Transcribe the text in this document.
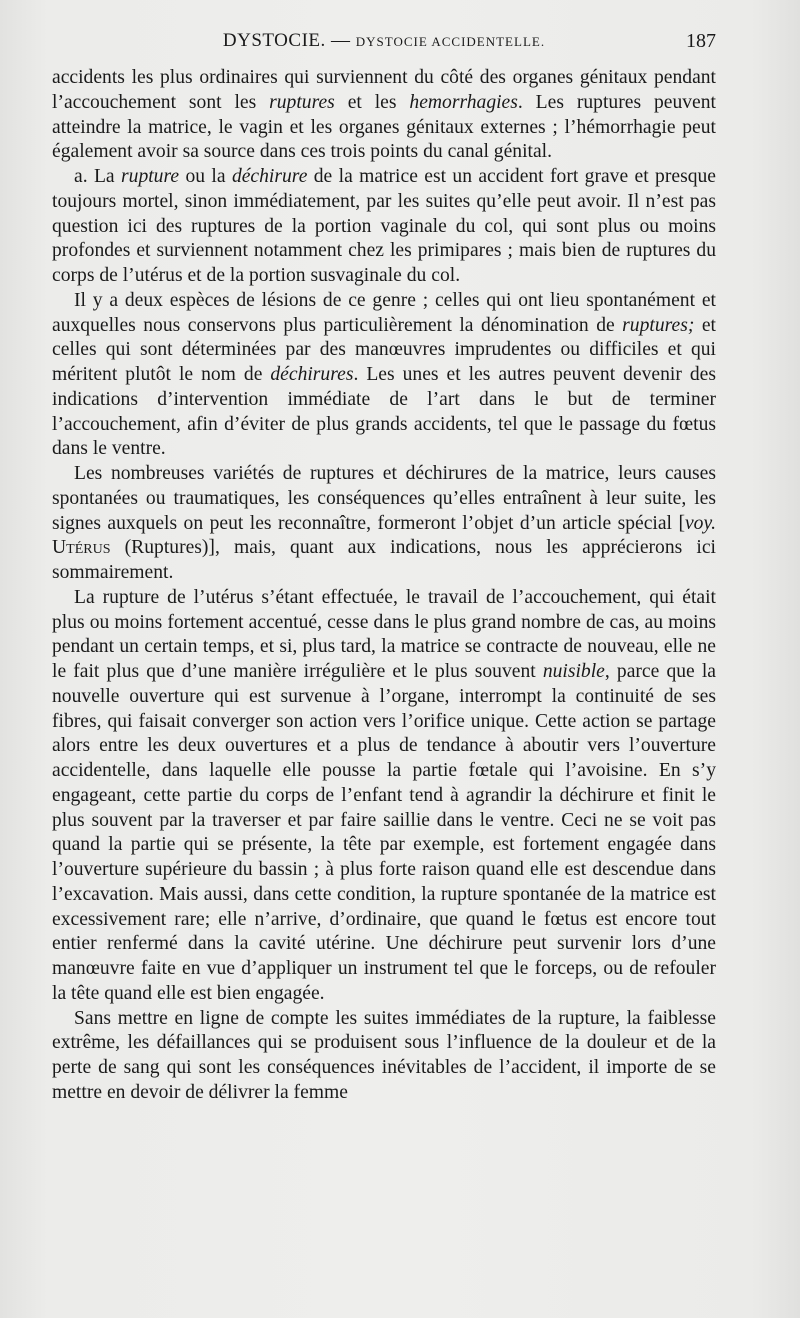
DYSTOCIE. — DYSTOCIE ACCIDENTELLE.	187

accidents les plus ordinaires qui surviennent du côté des organes génitaux pendant l’accouchement sont les ruptures et les hemorrhagies. Les ruptures peuvent atteindre la matrice, le vagin et les organes génitaux externes ; l’hémorrhagie peut également avoir sa source dans ces trois points du canal génital.

a. La rupture ou la déchirure de la matrice est un accident fort grave et presque toujours mortel, sinon immédiatement, par les suites qu’elle peut avoir. Il n’est pas question ici des ruptures de la portion vaginale du col, qui sont plus ou moins profondes et surviennent notamment chez les primipares ; mais bien de ruptures du corps de l’utérus et de la portion susvaginale du col.

Il y a deux espèces de lésions de ce genre ; celles qui ont lieu spontanément et auxquelles nous conservons plus particulièrement la dénomination de ruptures; et celles qui sont déterminées par des manœuvres imprudentes ou difficiles et qui méritent plutôt le nom de déchirures. Les unes et les autres peuvent devenir des indications d’intervention immédiate de l’art dans le but de terminer l’accouchement, afin d’éviter de plus grands accidents, tel que le passage du fœtus dans le ventre.

Les nombreuses variétés de ruptures et déchirures de la matrice, leurs causes spontanées ou traumatiques, les conséquences qu’elles entraînent à leur suite, les signes auxquels on peut les reconnaître, formeront l’objet d’un article spécial [voy. Utérus (Ruptures)], mais, quant aux indications, nous les apprécierons ici sommairement.

La rupture de l’utérus s’étant effectuée, le travail de l’accouchement, qui était plus ou moins fortement accentué, cesse dans le plus grand nombre de cas, au moins pendant un certain temps, et si, plus tard, la matrice se contracte de nouveau, elle ne le fait plus que d’une manière irrégulière et le plus souvent nuisible, parce que la nouvelle ouverture qui est survenue à l’organe, interrompt la continuité de ses fibres, qui faisait converger son action vers l’orifice unique. Cette action se partage alors entre les deux ouvertures et a plus de tendance à aboutir vers l’ouverture accidentelle, dans laquelle elle pousse la partie fœtale qui l’avoisine. En s’y engageant, cette partie du corps de l’enfant tend à agrandir la déchirure et finit le plus souvent par la traverser et par faire saillie dans le ventre. Ceci ne se voit pas quand la partie qui se présente, la tête par exemple, est fortement engagée dans l’ouverture supérieure du bassin ; à plus forte raison quand elle est descendue dans l’excavation. Mais aussi, dans cette condition, la rupture spontanée de la matrice est excessivement rare; elle n’arrive, d’ordinaire, que quand le fœtus est encore tout entier renfermé dans la cavité utérine. Une déchirure peut survenir lors d’une manœuvre faite en vue d’appliquer un instrument tel que le forceps, ou de refouler la tête quand elle est bien engagée.

Sans mettre en ligne de compte les suites immédiates de la rupture, la faiblesse extrême, les défaillances qui se produisent sous l’influence de la douleur et de la perte de sang qui sont les conséquences inévitables de l’accident, il importe de se mettre en devoir de délivrer la femme
